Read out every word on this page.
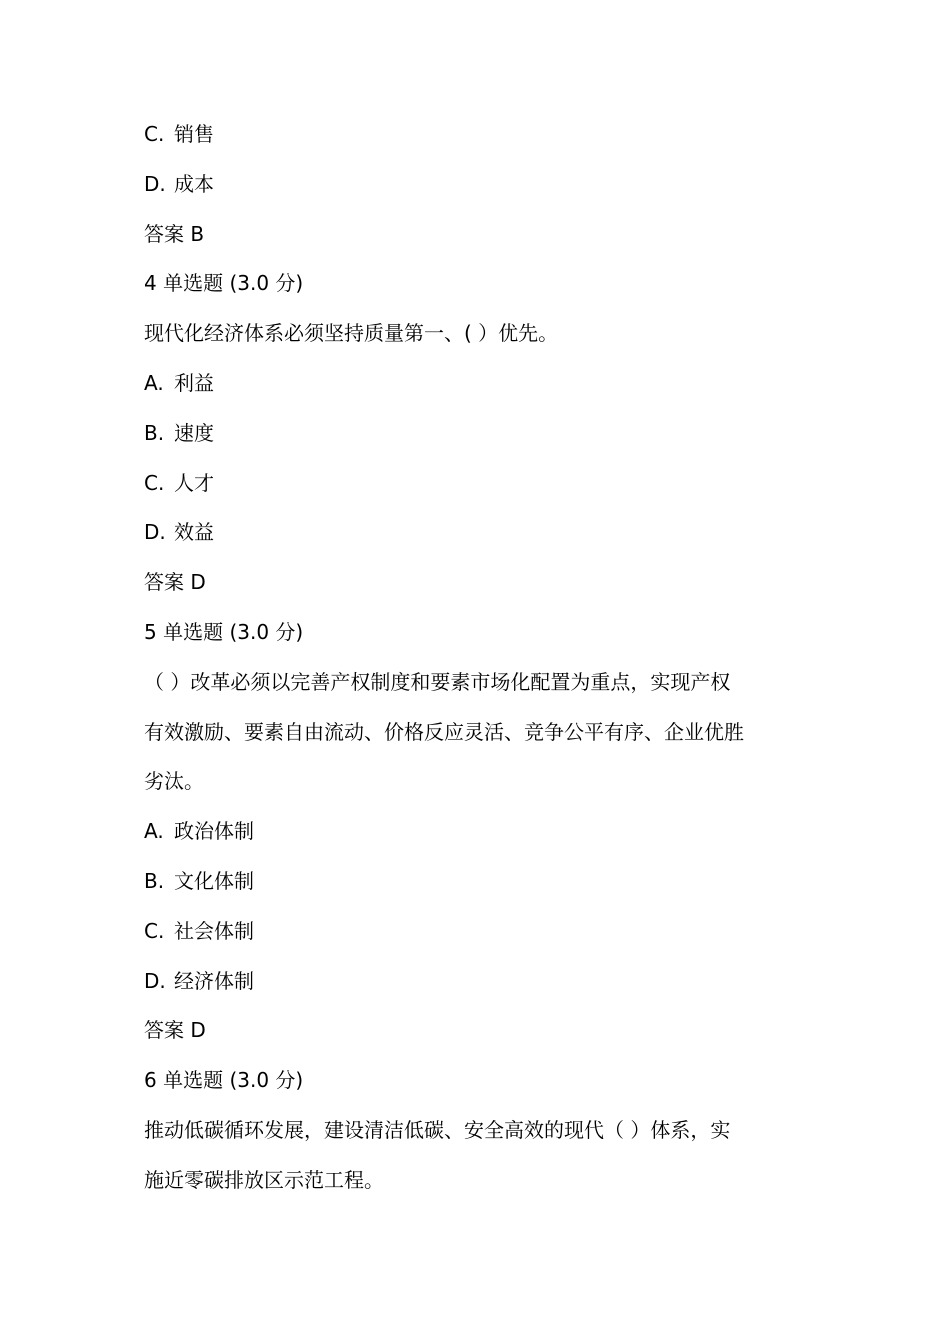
C. 销售
D. 成本
答案 B
4 单选题 (3.0 分)
现代化经济体系必须坚持质量第一、( ）优先。
A. 利益
B. 速度
C. 人才
D. 效益
答案 D
5 单选题 (3.0 分)
（ ）改革必须以完善产权制度和要素市场化配置为重点，实现产权
有效激励、要素自由流动、价格反应灵活、竞争公平有序、企业优胜
劣汰。
A. 政治体制
B. 文化体制
C. 社会体制
D. 经济体制
答案 D
6 单选题 (3.0 分)
推动低碳循环发展，建设清洁低碳、安全高效的现代（ ）体系，实
施近零碳排放区示范工程。
